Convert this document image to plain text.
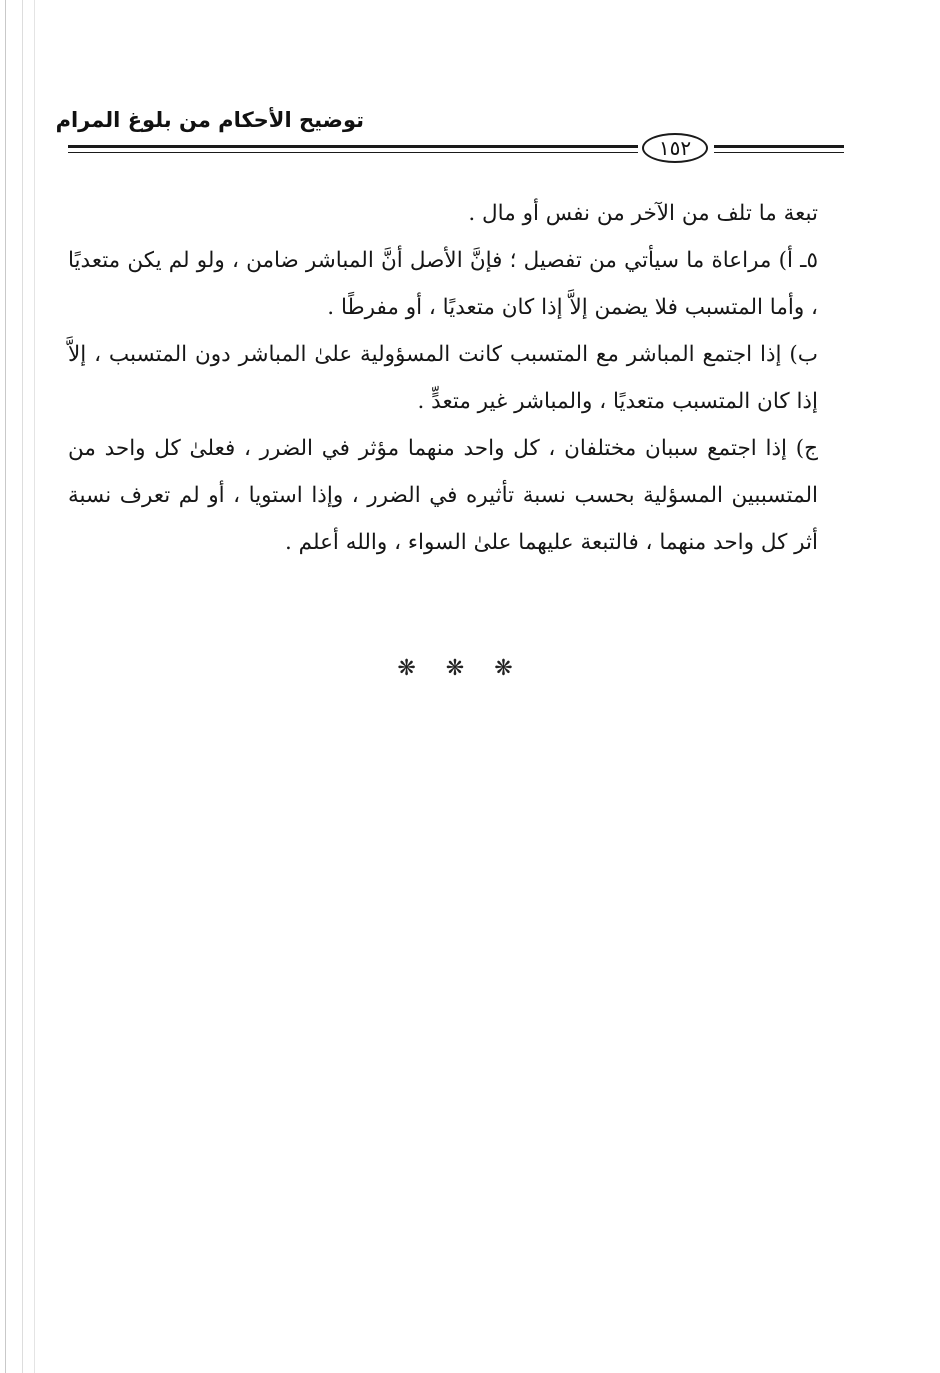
توضيح الأحكام من بلوغ المرام
١٥٢

تبعة ما تلف من الآخر من نفس أو مال .

٥ـ أ) مراعاة ما سيأتي من تفصيل ؛ فإنَّ الأصل أنَّ المباشر ضامن ، ولو لم يكن متعديًا ، وأما المتسبب فلا يضمن إلاَّ إذا كان متعديًا ، أو مفرطًا .

ب) إذا اجتمع المباشر مع المتسبب كانت المسؤولية علىٰ المباشر دون المتسبب ، إلاَّ إذا كان المتسبب متعديًا ، والمباشر غير متعدٍّ .

ج) إذا اجتمع سببان مختلفان ، كل واحد منهما مؤثر في الضرر ، فعلىٰ كل واحد من المتسببين المسؤلية بحسب نسبة تأثيره في الضرر ، وإذا استويا ، أو لم تعرف نسبة أثر كل واحد منهما ، فالتبعة عليهما علىٰ السواء ، والله أعلم .

❋❋❋
